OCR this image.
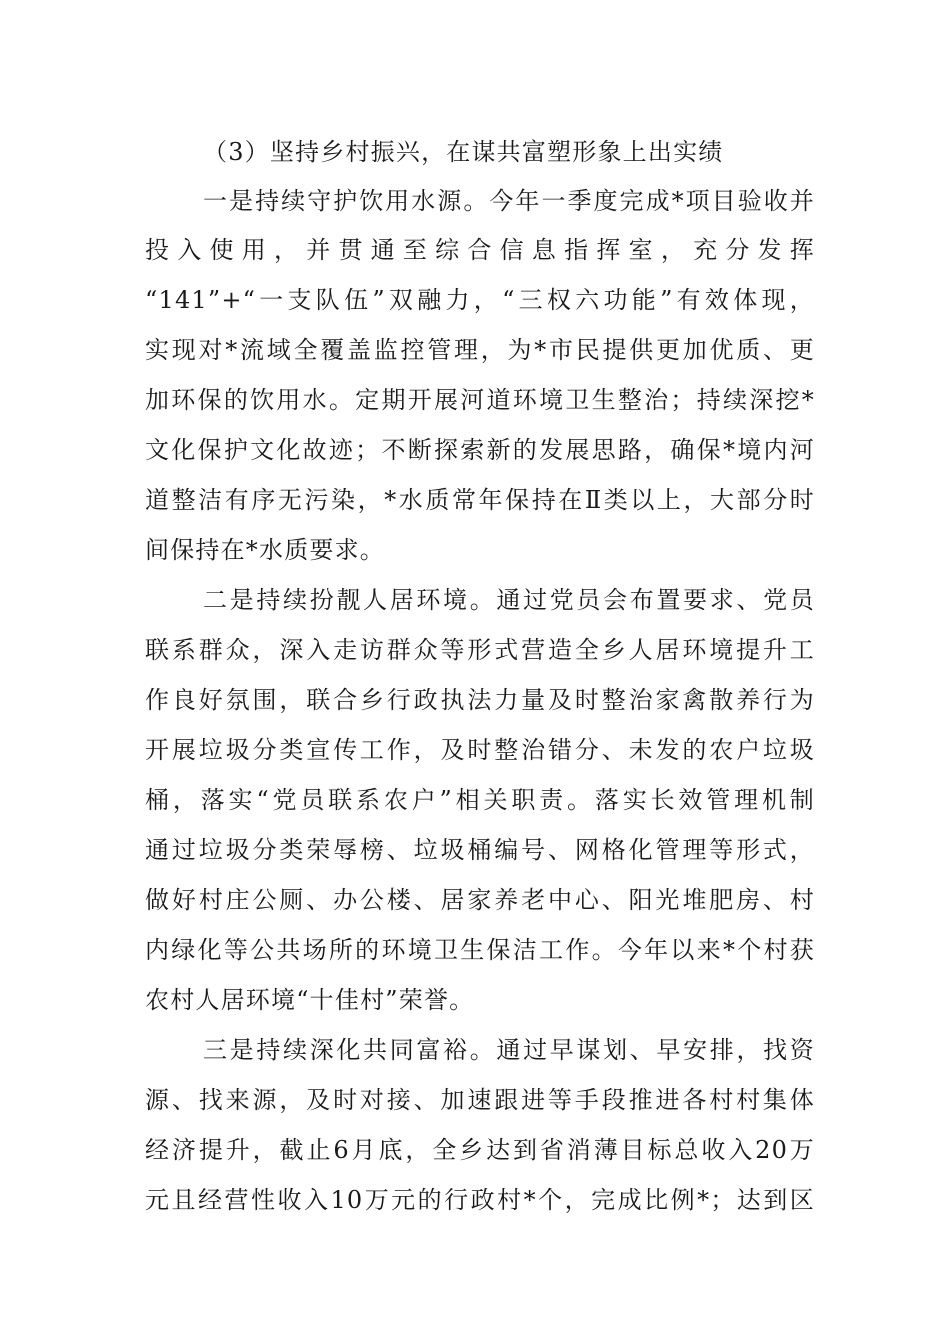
（3）坚持乡村振兴，在谋共富塑形象上出实绩
一是持续守护饮用水源。今年一季度完成*项目验收并
投入使用，并贯通至综合信息指挥室，充分发挥
“141”+“一支队伍”双融力，“三权六功能”有效体现，
实现对*流域全覆盖监控管理，为*市民提供更加优质、更
加环保的饮用水。定期开展河道环境卫生整治；持续深挖*
文化保护文化故迹；不断探索新的发展思路，确保*境内河
道整洁有序无污染，*水质常年保持在Ⅱ类以上，大部分时
间保持在*水质要求。
二是持续扮靓人居环境。通过党员会布置要求、党员
联系群众，深入走访群众等形式营造全乡人居环境提升工
作良好氛围，联合乡行政执法力量及时整治家禽散养行为
开展垃圾分类宣传工作，及时整治错分、未发的农户垃圾
桶，落实“党员联系农户”相关职责。落实长效管理机制
通过垃圾分类荣辱榜、垃圾桶编号、网格化管理等形式，
做好村庄公厕、办公楼、居家养老中心、阳光堆肥房、村
内绿化等公共场所的环境卫生保洁工作。今年以来*个村获
农村人居环境“十佳村”荣誉。
三是持续深化共同富裕。通过早谋划、早安排，找资
源、找来源，及时对接、加速跟进等手段推进各村村集体
经济提升，截止6月底，全乡达到省消薄目标总收入20万
元且经营性收入10万元的行政村*个，完成比例*；达到区
